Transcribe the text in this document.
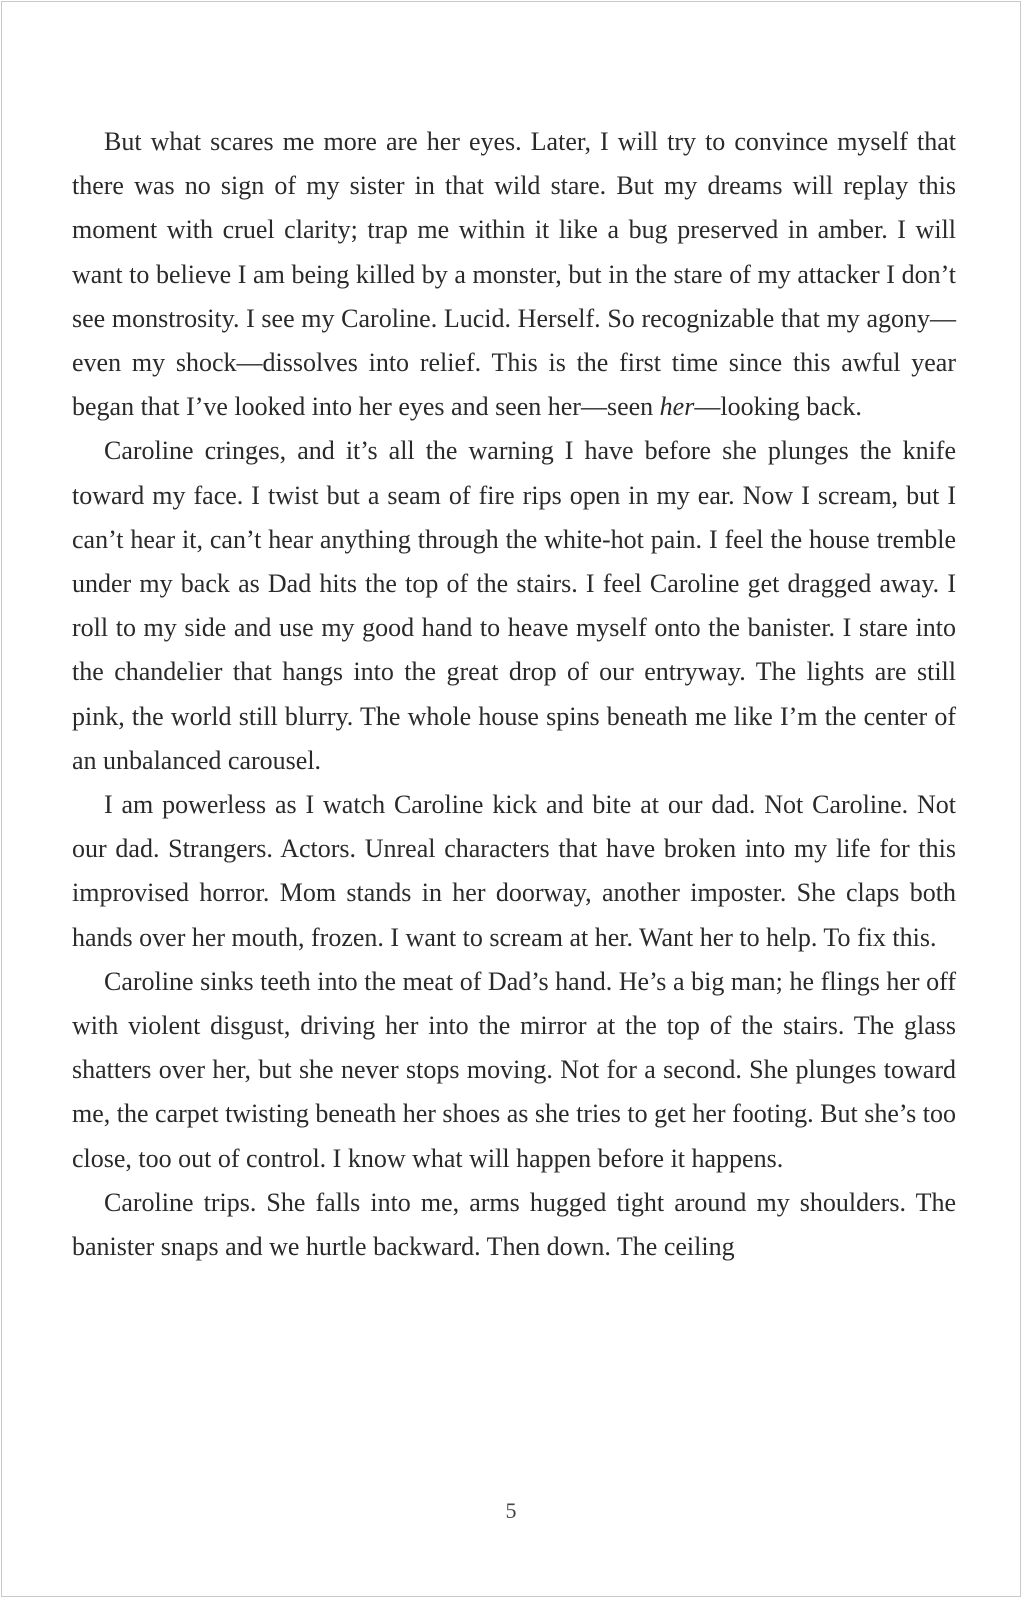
But what scares me more are her eyes. Later, I will try to convince myself that there was no sign of my sister in that wild stare. But my dreams will replay this moment with cruel clarity; trap me within it like a bug preserved in amber. I will want to believe I am being killed by a monster, but in the stare of my attacker I don’t see monstrosity. I see my Caroline. Lucid. Herself. So recognizable that my agony—even my shock—dissolves into relief. This is the first time since this awful year began that I’ve looked into her eyes and seen her—seen her—looking back.

Caroline cringes, and it’s all the warning I have before she plunges the knife toward my face. I twist but a seam of fire rips open in my ear. Now I scream, but I can’t hear it, can’t hear anything through the white-hot pain. I feel the house tremble under my back as Dad hits the top of the stairs. I feel Caroline get dragged away. I roll to my side and use my good hand to heave myself onto the banister. I stare into the chandelier that hangs into the great drop of our entryway. The lights are still pink, the world still blurry. The whole house spins beneath me like I’m the center of an unbalanced carousel.

I am powerless as I watch Caroline kick and bite at our dad. Not Caroline. Not our dad. Strangers. Actors. Unreal characters that have broken into my life for this improvised horror. Mom stands in her doorway, another imposter. She claps both hands over her mouth, frozen. I want to scream at her. Want her to help. To fix this.

Caroline sinks teeth into the meat of Dad’s hand. He’s a big man; he flings her off with violent disgust, driving her into the mirror at the top of the stairs. The glass shatters over her, but she never stops moving. Not for a second. She plunges toward me, the carpet twisting beneath her shoes as she tries to get her footing. But she’s too close, too out of control. I know what will happen before it happens.

Caroline trips. She falls into me, arms hugged tight around my shoulders. The banister snaps and we hurtle backward. Then down. The ceiling

5
